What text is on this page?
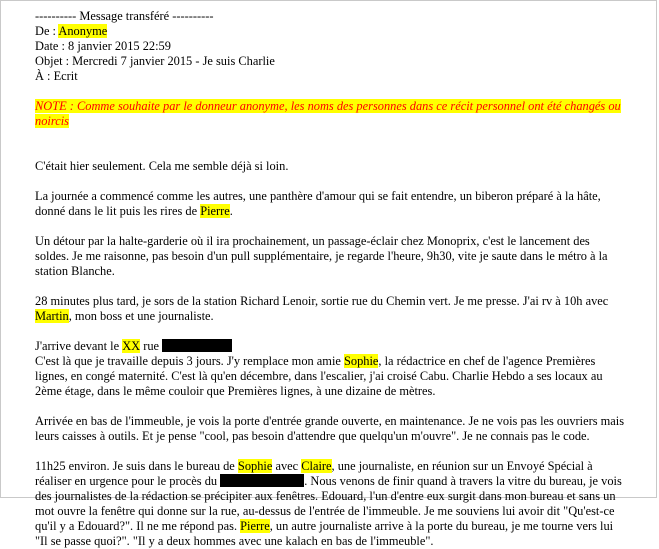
---------- Message transféré ----------
De : Anonyme
Date : 8 janvier 2015 22:59
Objet : Mercredi 7 janvier 2015 - Je suis Charlie
À : Ecrit

NOTE : Comme souhaite par le donneur anonyme, les noms des personnes dans ce récit personnel ont été changés ou noircis

C'était hier seulement. Cela me semble déjà si loin.

La journée a commencé comme les autres, une panthère d'amour qui se fait entendre, un biberon préparé à la hâte, donné dans le lit puis les rires de Pierre.

Un détour par la halte-garderie où il ira prochainement, un passage-éclair chez Monoprix, c'est le lancement des soldes. Je me raisonne, pas besoin d'un pull supplémentaire, je regarde l'heure, 9h30, vite je saute dans le métro à la station Blanche.

28 minutes plus tard, je sors de la station Richard Lenoir, sortie rue du Chemin vert. Je me presse. J'ai rv à 10h avec Martin, mon boss et une journaliste.

J'arrive devant le XX rue
C'est là que je travaille depuis 3 jours. J'y remplace mon amie Sophie, la rédactrice en chef de l'agence Premières lignes, en congé maternité. C'est là qu'en décembre, dans l'escalier, j'ai croisé Cabu. Charlie Hebdo a ses locaux au 2ème étage, dans le même couloir que Premières lignes, à une dizaine de mètres.

Arrivée en bas de l'immeuble, je vois la porte d'entrée grande ouverte, en maintenance. Je ne vois pas les ouvriers mais leurs caisses à outils. Et je pense "cool, pas besoin d'attendre que quelqu'un m'ouvre". Je ne connais pas le code.

11h25 environ. Je suis dans le bureau de Sophie avec Claire, une journaliste, en réunion sur un Envoyé Spécial à réaliser en urgence pour le procès du	. Nous venons de finir quand à travers la vitre du bureau, je vois des journalistes de la rédaction se précipiter aux fenêtres. Edouard, l'un d'entre eux surgit dans mon bureau et sans un mot ouvre la fenêtre qui donne sur la rue, au-dessus de l'entrée de l'immeuble. Je me souviens lui avoir dit "Qu'est-ce qu'il y a Edouard?". Il ne me répond pas. Pierre, un autre journaliste arrive à la porte du bureau, je me tourne vers lui "Il se passe quoi?". "Il y a deux hommes avec une kalach en bas de l'immeuble".
